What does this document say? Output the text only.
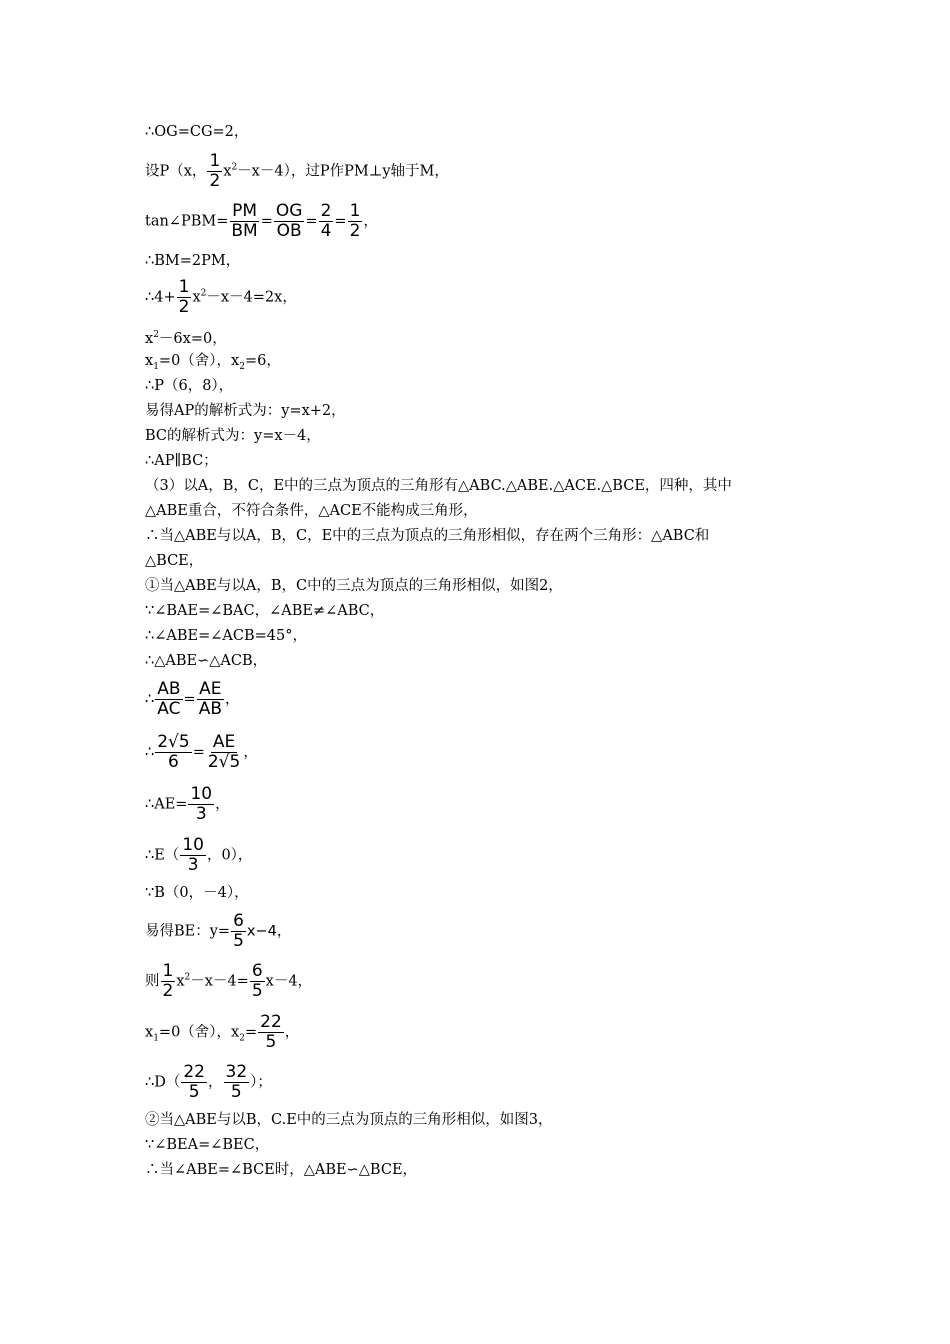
∴OG=CG=2，
设P（x， $\frac{1}{2} x^2-x-4$），过P作PM⊥y轴于M，
tan∠PBM= $\frac{PM}{BM} = \frac{OG}{OB} = \frac{2}{4} = \frac{1}{2}$ ，
∴BM=2PM，
∴4+ $\frac{1}{2} x^2-x-4=2x$，
$x^2-6x=0$，
$x_1=0$（舍），$x_2=6$，
∴P（6，8），
易得AP的解析式为：y=x+2，
BC的解析式为：y=x－4，
∴AP∥BC；
（3）以A，B，C，E中的三点为顶点的三角形有△ABC.△ABE.△ACE.△BCE，四种，其中
△ABE重合，不符合条件，△ACE不能构成三角形，
∴当△ABE与以A，B，C，E中的三点为顶点的三角形相似，存在两个三角形：△ABC和
△BCE，
①当△ABE与以A，B，C中的三点为顶点的三角形相似，如图2，
∵∠BAE=∠BAC，∠ABE≠∠ABC，
∴∠ABE=∠ACB=45°，
∴△ABE∽△ACB，
∴ $\frac{AB}{AC} = \frac{AE}{AB}$ ，
∴ $\frac{2√5}{6} = \frac{AE}{2√5}$ ，
∴AE= $\frac{10}{3}$ ，
∴E（ $\frac{10}{3}$ ，0），
∵B（0，－4），
易得BE：$y= \frac{6}{5} x-4$，
则 $\frac{1}{2} x^2-x-4= \frac{6}{5} x-4$，
$x_1=0$（舍），$x_2= \frac{22}{5}$ ，
∴D（ $\frac{22}{5}$ ， $\frac{32}{5}$ ）；
②当△ABE与以B，C.E中的三点为顶点的三角形相似，如图3，
∵∠BEA=∠BEC，
∴当∠ABE=∠BCE时，△ABE∽△BCE，
